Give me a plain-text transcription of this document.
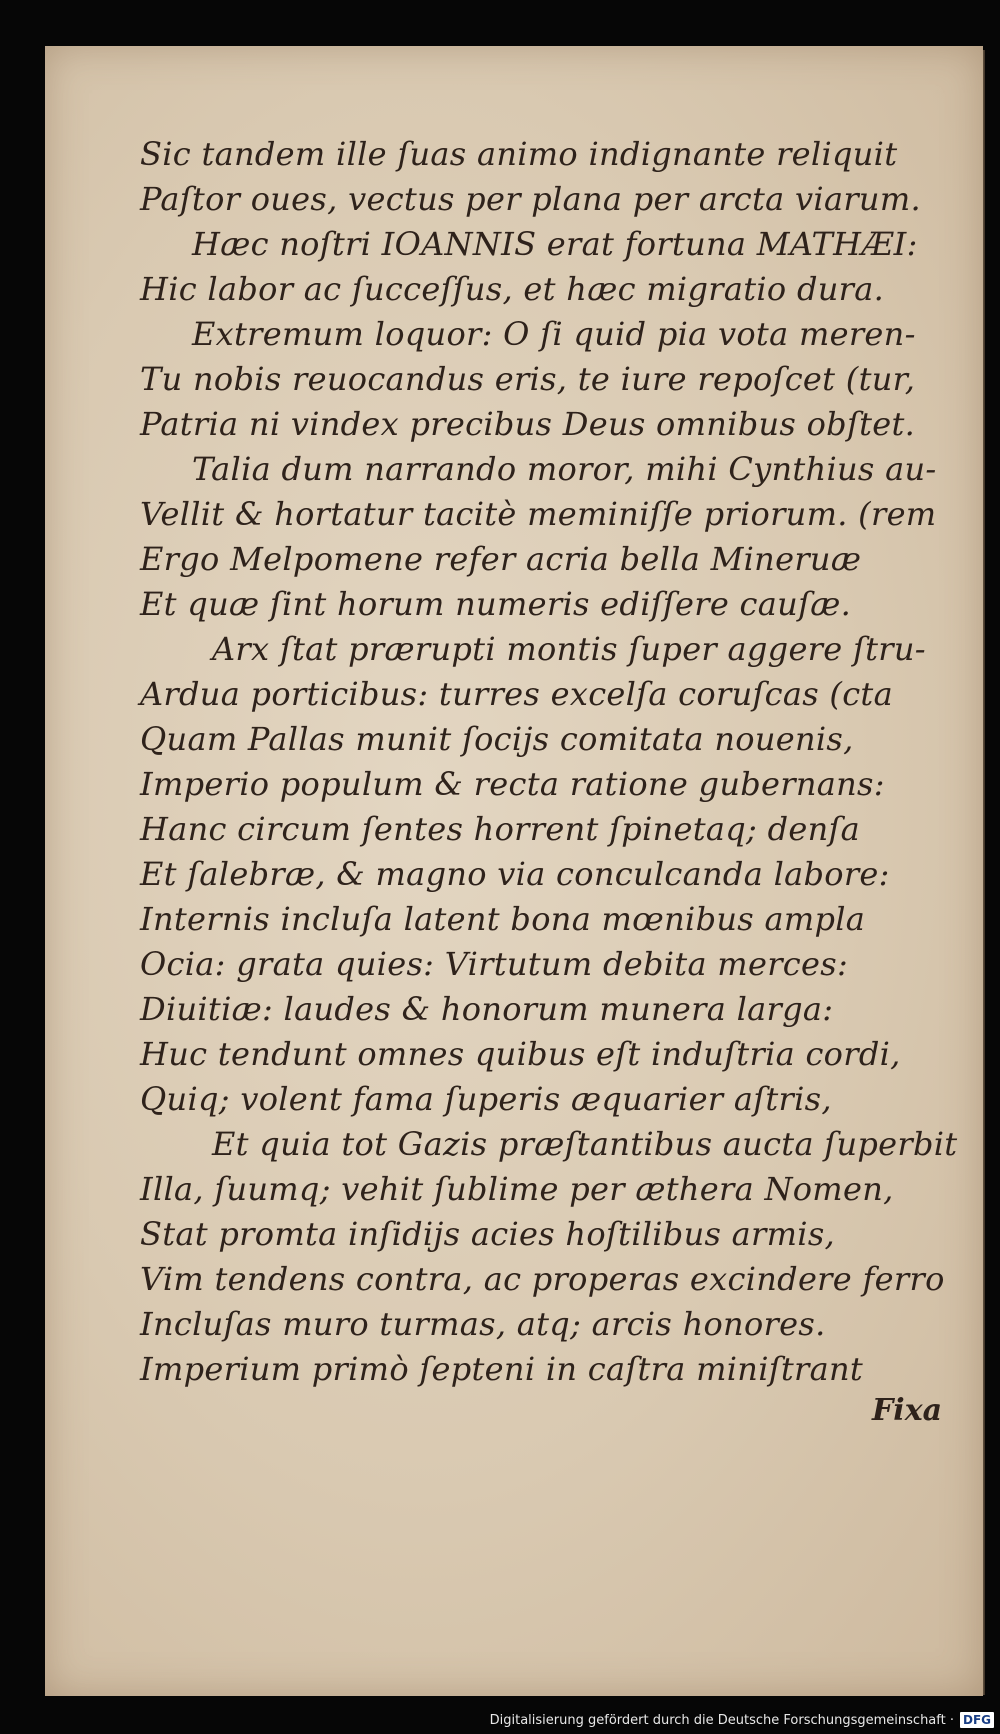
Sic tandem ille ſuas animo indignante reliquit
Paſtor oues, vectus per plana per arcta viarum.
Hæc noſtri IOANNIS erat fortuna MATHÆI:
Hic labor ac ſucceſſus, et hæc migratio dura.
Extremum loquor: O ſi quid pia vota meren-
Tu nobis reuocandus eris, te iure repoſcet (tur,
Patria ni vindex precibus Deus omnibus obſtet.
Talia dum narrando moror, mihi Cynthius au-
Vellit & hortatur tacitè meminiſſe priorum. (rem
Ergo Melpomene refer acria bella Mineruæ
Et quæ ſint horum numeris ediſſere cauſæ.
Arx ſtat prærupti montis ſuper aggere ſtru-
Ardua porticibus: turres excelſa coruſcas (cta
Quam Pallas munit ſocijs comitata nouenis,
Imperio populum & recta ratione gubernans:
Hanc circum ſentes horrent ſpinetaq; denſa
Et ſalebræ, & magno via conculcanda labore:
Internis incluſa latent bona mœnibus ampla
Ocia: grata quies: Virtutum debita merces:
Diuitiæ: laudes & honorum munera larga:
Huc tendunt omnes quibus eſt induſtria cordi,
Quiq; volent fama ſuperis æquarier aſtris,
Et quia tot Gazis præſtantibus aucta ſuperbit
Illa, ſuumq; vehit ſublime per æthera Nomen,
Stat promta inſidijs acies hoſtilibus armis,
Vim tendens contra, ac properas excindere ferro
Incluſas muro turmas, atq; arcis honores.
Imperium primò ſepteni in caſtra miniſtrant
Fixa
Digitalisierung gefördert durch die Deutsche Forschungsgemeinschaft · DFG
